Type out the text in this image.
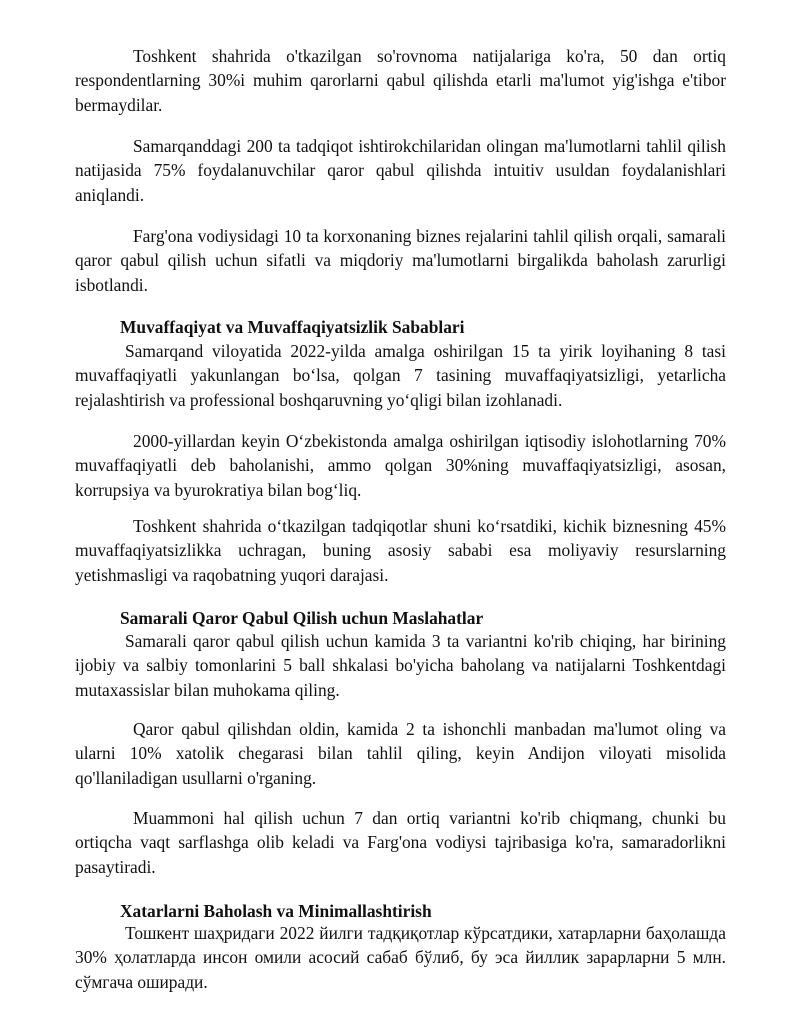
Toshkent shahrida o'tkazilgan so'rovnoma natijalariga ko'ra, 50 dan ortiq respondentlarning 30%i muhim qarorlarni qabul qilishda etarli ma'lumot yig'ishga e'tibor bermaydilar.

Samarqanddagi 200 ta tadqiqot ishtirokchilaridan olingan ma'lumotlarni tahlil qilish natijasida 75% foydalanuvchilar qaror qabul qilishda intuitiv usuldan foydalanishlari aniqlandi.

Farg'ona vodiysidagi 10 ta korxonaning biznes rejalarini tahlil qilish orqali, samarali qaror qabul qilish uchun sifatli va miqdoriy ma'lumotlarni birgalikda baholash zarurligi isbotlandi.

Muvaffaqiyat va Muvaffaqiyatsizlik Sabablari

Samarqand viloyatida 2022-yilda amalga oshirilgan 15 ta yirik loyihaning 8 tasi muvaffaqiyatli yakunlangan bo‘lsa, qolgan 7 tasining muvaffaqiyatsizligi, yetarlicha rejalashtirish va professional boshqaruvning yo‘qligi bilan izohlanadi.

2000-yillardan keyin O‘zbekistonda amalga oshirilgan iqtisodiy islohotlarning 70% muvaffaqiyatli deb baholanishi, ammo qolgan 30%ning muvaffaqiyatsizligi, asosan, korrupsiya va byurokratiya bilan bog‘liq.

Toshkent shahrida o‘tkazilgan tadqiqotlar shuni ko‘rsatdiki, kichik biznesning 45% muvaffaqiyatsizlikka uchragan, buning asosiy sababi esa moliyaviy resurslarning yetishmasligi va raqobatning yuqori darajasi.

Samarali Qaror Qabul Qilish uchun Maslahatlar

Samarali qaror qabul qilish uchun kamida 3 ta variantni ko'rib chiqing, har birining ijobiy va salbiy tomonlarini 5 ball shkalasi bo'yicha baholang va natijalarni Toshkentdagi mutaxassislar bilan muhokama qiling.

Qaror qabul qilishdan oldin, kamida 2 ta ishonchli manbadan ma'lumot oling va ularni 10% xatolik chegarasi bilan tahlil qiling, keyin Andijon viloyati misolida qo'llaniladigan usullarni o'rganing.

Muammoni hal qilish uchun 7 dan ortiq variantni ko'rib chiqmang, chunki bu ortiqcha vaqt sarflashga olib keladi va Farg'ona vodiysi tajribasiga ko'ra, samaradorlikni pasaytiradi.

Xatarlarni Baholash va Minimallashtirish

Тошкент шаҳридаги 2022 йилги тадқиқотлар кўрсатдики, хатарларни баҳолашда 30% ҳолатларда инсон омили асосий сабаб бўлиб, бу эса йиллик зарарларни 5 млн. сўмгача оширади.
